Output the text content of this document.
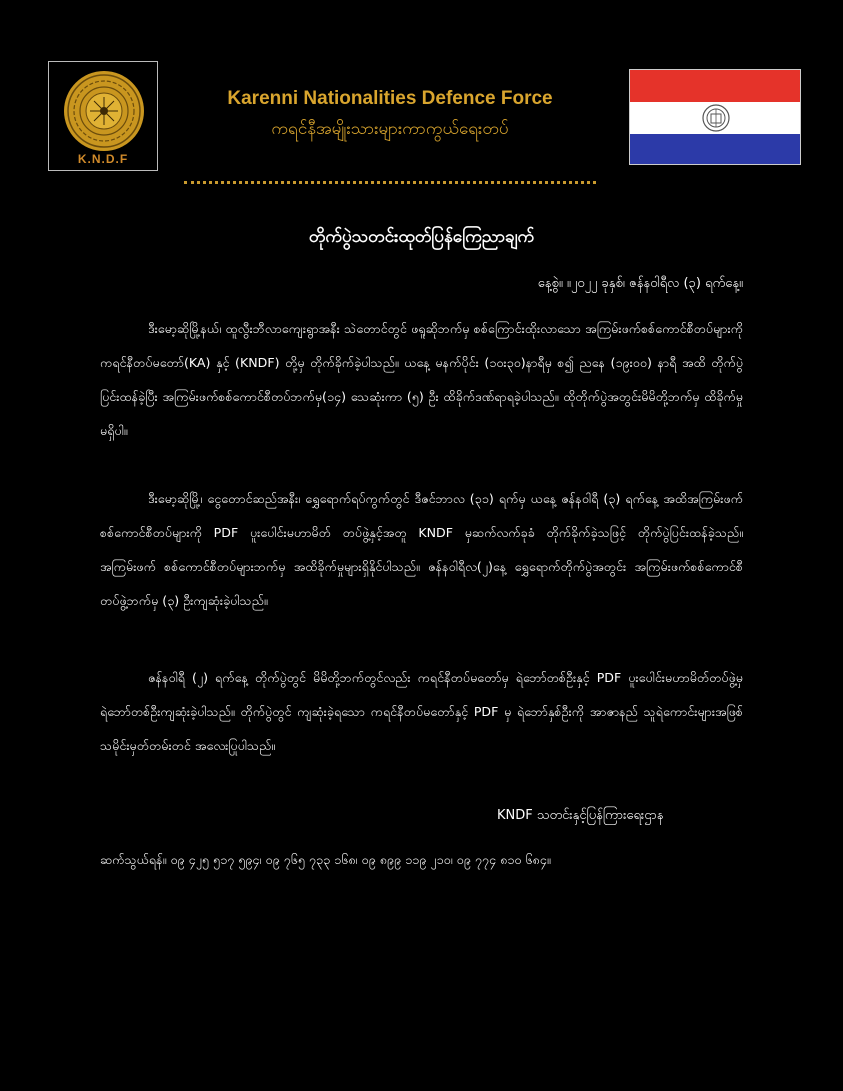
K.N.D.F
Karenni Nationalities Defence Force
ကရင်နီအမျိုးသားများကာကွယ်ရေးတပ်
တိုက်ပွဲသတင်းထုတ်ပြန်ကြေညာချက်
နေ့စွဲ။ ။၂၀၂၂ ခုနှစ်၊ ဇန်နဝါရီလ (၃) ရက်နေ့။

ဒီးမော့ဆိုမြို့နယ်၊ ထူလွီးဘီလာကျေးရွာအနီး သဲတောင်တွင် ဖရူဆိုဘက်မှ စစ်ကြောင်းထိုးလာသော အကြမ်းဖက်စစ်ကောင်စီတပ်များကို ကရင်နီတပ်မတော်(KA) နှင့် (KNDF) တို့မှ တိုက်ခိုက်ခဲ့ပါသည်။ ယနေ့ မနက်ပိုင်း (၁၀း၃၀)နာရီမှ စ၍ ညနေ (၁၉း၀၀) နာရီ အထိ တိုက်ပွဲပြင်းထန်ခဲ့ပြီး အကြမ်းဖက်စစ်ကောင်စီတပ်ဘက်မှ(၁၄) သေဆုံးကာ (၅) ဦး ထိခိုက်ဒဏ်ရာရခဲ့ပါသည်။ ထိုတိုက်ပွဲအတွင်းမိမိတို့ဘက်မှ ထိခိုက်မှုမရှိပါ။

ဒီးမော့ဆိုမြို့၊ ငွေတောင်ဆည်အနီး၊ ရွှေရောက်ရပ်ကွက်တွင် ဒီဇင်ဘာလ (၃၁) ရက်မှ ယနေ့ ဇန်နဝါရီ (၃) ရက်နေ့ အထိအကြမ်းဖက်စစ်ကောင်စီတပ်များကို PDF ပူးပေါင်းမဟာမိတ် တပ်ဖွဲ့နှင့်အတူ KNDF မှဆက်လက်ခုခံ တိုက်ခိုက်ခဲ့သဖြင့် တိုက်ပွဲပြင်းထန်ခဲ့သည်။ အကြမ်းဖက် စစ်ကောင်စီတပ်များဘက်မှ အထိခိုက်မှုများရှိနိုင်ပါသည်။ ဇန်နဝါရီလ(၂)နေ့ ရွှေရောက်တိုက်ပွဲအတွင်း အကြမ်းဖက်စစ်ကောင်စီတပ်ဖွဲ့ဘက်မှ (၃) ဦးကျဆုံးခဲ့ပါသည်။

ဇန်နဝါရီ (၂) ရက်နေ့ တိုက်ပွဲတွင် မိမိတို့ဘက်တွင်လည်း ကရင်နီတပ်မတော်မှ ရဲဘော်တစ်ဦးနှင့် PDF ပူးပေါင်းမဟာမိတ်တပ်ဖွဲ့မှ ရဲဘော်တစ်ဦးကျဆုံးခဲ့ပါသည်။ တိုက်ပွဲတွင် ကျဆုံးခဲ့ရသော ကရင်နီတပ်မတော်နှင့် PDF မှ ရဲဘော်နှစ်ဦးကို အာဇာနည် သူရဲကောင်းများအဖြစ် သမိုင်းမှတ်တမ်းတင် အလေးပြုပါသည်။

KNDF သတင်းနှင့်ပြန်ကြားရေးဌာန
ဆက်သွယ်ရန်။ ၀၉ ၄၂၅ ၅၁၇ ၅၉၄၊ ၀၉ ၇၆၅ ၇၃၃ ၁၆၈၊ ၀၉ ၈၉၉ ၁၁၉ ၂၁၀၊ ၀၉ ၇၇၄ ၈၁၀ ၆၈၄။
